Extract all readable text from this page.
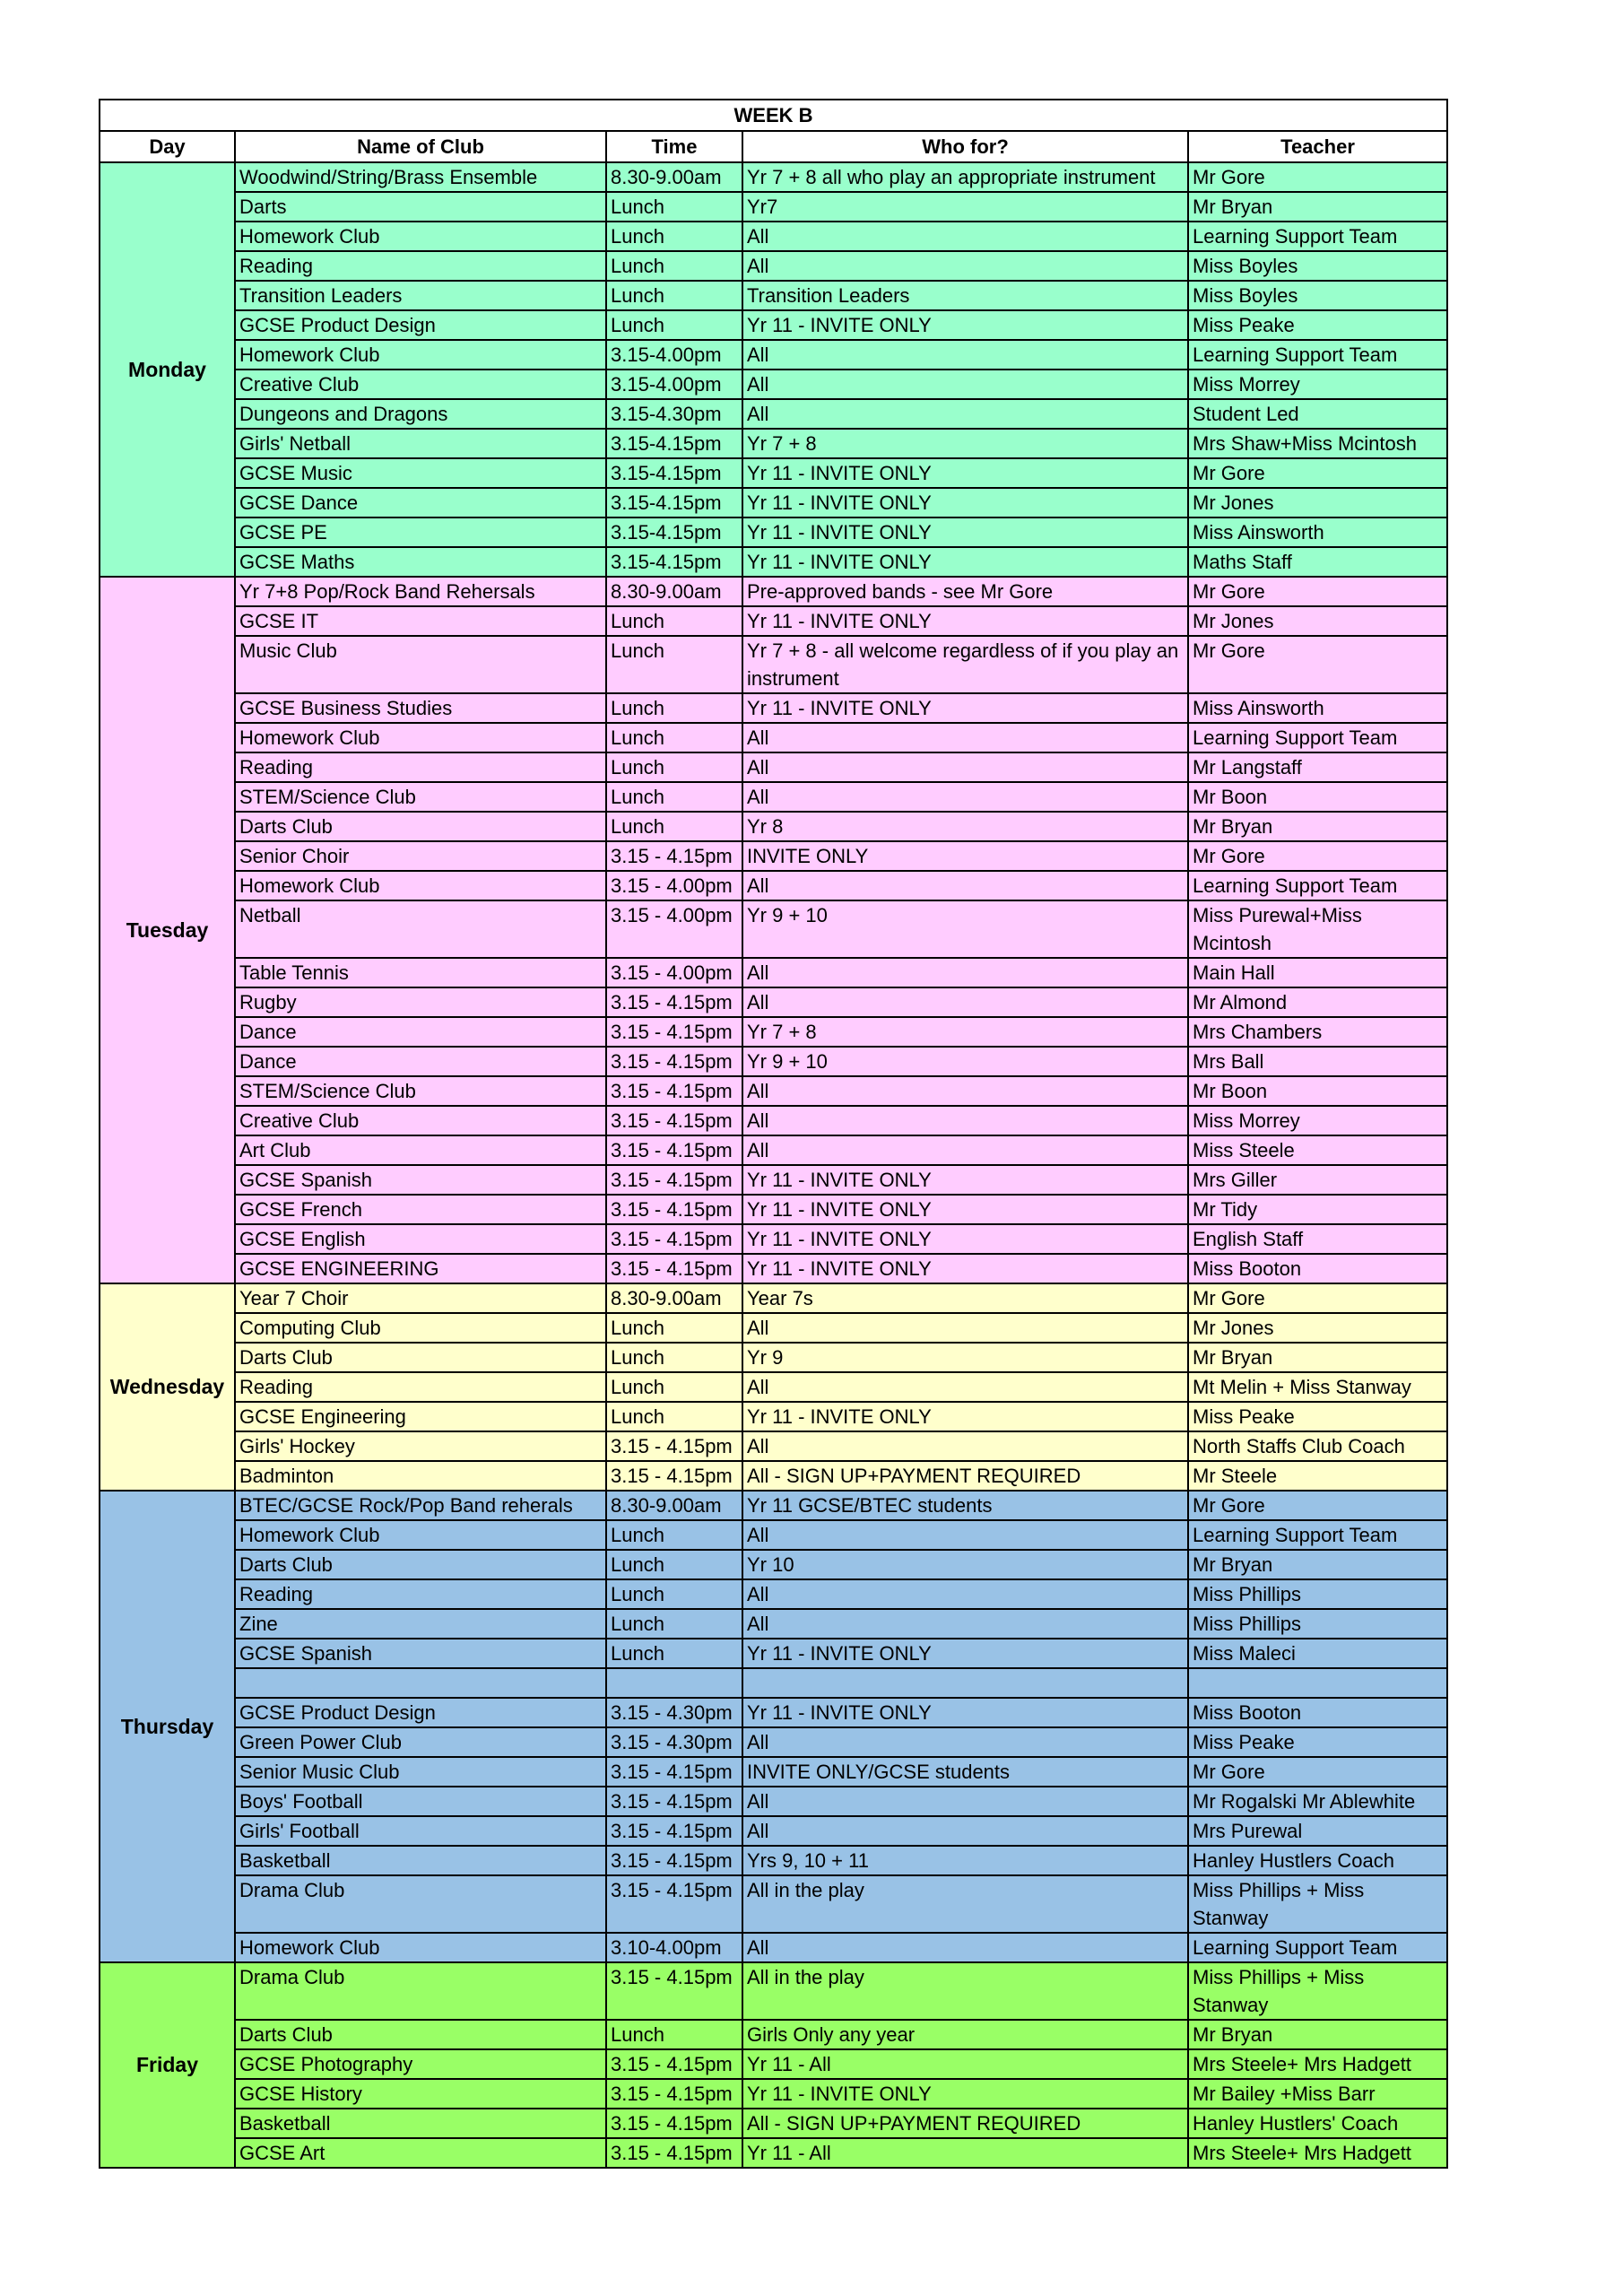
WEEK B				
Day	Name of Club	Time	Who for?	Teacher
Monday	Woodwind/String/Brass Ensemble	8.30-9.00am	Yr 7 + 8 all who play an appropriate instrument	Mr Gore
	Darts	Lunch	Yr7	Mr Bryan
	Homework Club	Lunch	All	Learning Support Team
	Reading	Lunch	All	Miss Boyles
	Transition Leaders	Lunch	Transition Leaders	Miss Boyles
	GCSE Product Design	Lunch	Yr 11 - INVITE ONLY	Miss Peake
	Homework Club	3.15-4.00pm	All	Learning Support Team
	Creative Club	3.15-4.00pm	All	Miss Morrey
	Dungeons and Dragons	3.15-4.30pm	All	Student Led
	Girls' Netball	3.15-4.15pm	Yr 7 + 8	Mrs Shaw+Miss Mcintosh
	GCSE Music	3.15-4.15pm	Yr 11 - INVITE ONLY	Mr Gore
	GCSE Dance	3.15-4.15pm	Yr 11 - INVITE ONLY	Mr Jones
	GCSE PE	3.15-4.15pm	Yr 11 - INVITE ONLY	Miss Ainsworth
	GCSE Maths	3.15-4.15pm	Yr 11 - INVITE ONLY	Maths Staff
Tuesday	Yr 7+8 Pop/Rock Band Rehersals	8.30-9.00am	Pre-approved bands - see Mr Gore	Mr Gore
	GCSE IT	Lunch	Yr 11 - INVITE ONLY	Mr Jones
	Music Club	Lunch	Yr 7 + 8 - all welcome regardless of if you play an instrument	Mr Gore
	GCSE Business Studies	Lunch	Yr 11 - INVITE ONLY	Miss Ainsworth
	Homework Club	Lunch	All	Learning Support Team
	Reading	Lunch	All	Mr Langstaff
	STEM/Science Club	Lunch	All	Mr Boon
	Darts Club	Lunch	Yr 8	Mr Bryan
	Senior Choir	3.15 - 4.15pm	INVITE ONLY	Mr Gore
	Homework Club	3.15 - 4.00pm	All	Learning Support Team
	Netball	3.15 - 4.00pm	Yr 9 + 10	Miss Purewal+Miss Mcintosh
	Table Tennis	3.15 - 4.00pm	All	Main Hall
	Rugby	3.15 - 4.15pm	All	Mr Almond
	Dance	3.15 - 4.15pm	Yr 7 + 8	Mrs Chambers
	Dance	3.15 - 4.15pm	Yr 9 + 10	Mrs Ball
	STEM/Science Club	3.15 - 4.15pm	All	Mr Boon
	Creative Club	3.15 - 4.15pm	All	Miss Morrey
	Art Club	3.15 - 4.15pm	All	Miss Steele
	GCSE Spanish	3.15 - 4.15pm	Yr 11 - INVITE ONLY	Mrs Giller
	GCSE French	3.15 - 4.15pm	Yr 11 - INVITE ONLY	Mr Tidy
	GCSE English	3.15 - 4.15pm	Yr 11 - INVITE ONLY	English Staff
	GCSE ENGINEERING	3.15 - 4.15pm	Yr 11 - INVITE ONLY	Miss Booton
Wednesday	Year 7 Choir	8.30-9.00am	Year 7s	Mr Gore
	Computing Club	Lunch	All	Mr Jones
	Darts Club	Lunch	Yr 9	Mr Bryan
	Reading	Lunch	All	Mt Melin + Miss Stanway
	GCSE Engineering	Lunch	Yr 11 - INVITE ONLY	Miss Peake
	Girls' Hockey	3.15 - 4.15pm	All	North Staffs Club Coach
	Badminton	3.15 - 4.15pm	All - SIGN UP+PAYMENT REQUIRED	Mr Steele
Thursday	BTEC/GCSE Rock/Pop Band reherals	8.30-9.00am	Yr 11 GCSE/BTEC students	Mr Gore
	Homework Club	Lunch	All	Learning Support Team
	Darts Club	Lunch	Yr 10	Mr Bryan
	Reading	Lunch	All	Miss Phillips
	Zine	Lunch	All	Miss Phillips
	GCSE Spanish	Lunch	Yr 11 - INVITE ONLY	Miss Maleci

	GCSE Product Design	3.15 - 4.30pm	Yr 11 - INVITE ONLY	Miss Booton
	Green Power Club	3.15 - 4.30pm	All	Miss Peake
	Senior Music Club	3.15 - 4.15pm	INVITE ONLY/GCSE students	Mr Gore
	Boys' Football	3.15 - 4.15pm	All	Mr Rogalski Mr Ablewhite
	Girls' Football	3.15 - 4.15pm	All	Mrs Purewal
	Basketball	3.15 - 4.15pm	Yrs 9, 10 + 11	Hanley Hustlers Coach
	Drama Club	3.15 - 4.15pm	All in the play	Miss Phillips + Miss Stanway
	Homework Club	3.10-4.00pm	All	Learning Support Team
Friday	Drama Club	3.15 - 4.15pm	All in the play	Miss Phillips + Miss Stanway
	Darts Club	Lunch	Girls Only any year	Mr Bryan
	GCSE Photography	3.15 - 4.15pm	Yr 11 - All	Mrs Steele+ Mrs Hadgett
	GCSE History	3.15 - 4.15pm	Yr 11 - INVITE ONLY	Mr Bailey +Miss Barr
	Basketball	3.15 - 4.15pm	All - SIGN UP+PAYMENT REQUIRED	Hanley Hustlers' Coach
	GCSE Art	3.15 - 4.15pm	Yr 11 - All	Mrs Steele+ Mrs Hadgett
